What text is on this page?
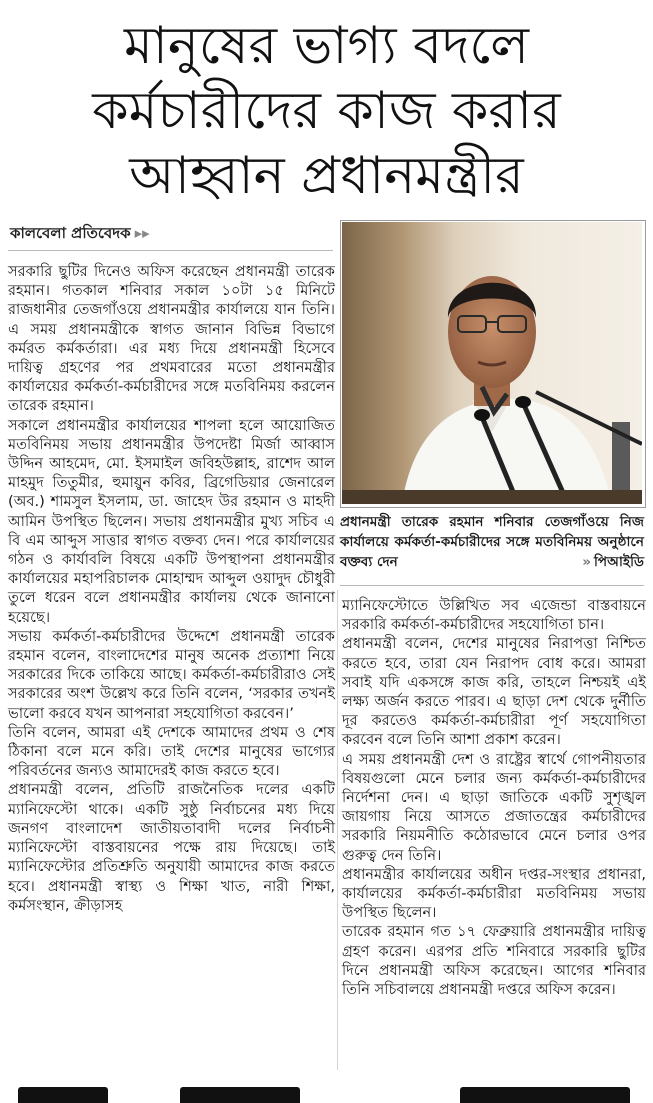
মানুষের ভাগ্য বদলে
কর্মচারীদের কাজ করার
আহ্বান প্রধানমন্ত্রীর
কালবেলা প্রতিবেদক ▸▸

সরকারি ছুটির দিনেও অফিস করেছেন প্রধানমন্ত্রী তারেক রহমান। গতকাল শনিবার সকাল ১০টা ১৫ মিনিটে রাজধানীর তেজগাঁওয়ে প্রধানমন্ত্রীর কার্যালয়ে যান তিনি। এ সময় প্রধানমন্ত্রীকে স্বাগত জানান বিভিন্ন বিভাগে কর্মরত কর্মকর্তারা। এর মধ্য দিয়ে প্রধানমন্ত্রী হিসেবে দায়িত্ব গ্রহণের পর প্রথমবারের মতো প্রধানমন্ত্রীর কার্যালয়ের কর্মকর্তা-কর্মচারীদের সঙ্গে মতবিনিময় করলেন তারেক রহমান।

সকালে প্রধানমন্ত্রীর কার্যালয়ের শাপলা হলে আয়োজিত মতবিনিময় সভায় প্রধানমন্ত্রীর উপদেষ্টা মির্জা আব্বাস উদ্দিন আহমেদ, মো. ইসমাইল জবিহউল্লাহ, রাশেদ আল মাহমুদ তিতুমীর, হুমায়ুন কবির, ব্রিগেডিয়ার জেনারেল (অব.) শামসুল ইসলাম, ডা. জাহেদ উর রহমান ও মাহদী আমিন উপস্থিত ছিলেন। সভায় প্রধানমন্ত্রীর মুখ্য সচিব এ বি এম আব্দুস সাত্তার স্বাগত বক্তব্য দেন। পরে কার্যালয়ের গঠন ও কার্যাবলি বিষয়ে একটি উপস্থাপনা প্রধানমন্ত্রীর কার্যালয়ের মহাপরিচালক মোহাম্মদ আব্দুল ওয়াদুদ চৌধুরী তুলে ধরেন বলে প্রধানমন্ত্রীর কার্যালয় থেকে জানানো হয়েছে।

সভায় কর্মকর্তা-কর্মচারীদের উদ্দেশে প্রধানমন্ত্রী তারেক রহমান বলেন, বাংলাদেশের মানুষ অনেক প্রত্যাশা নিয়ে সরকারের দিকে তাকিয়ে আছে। কর্মকর্তা-কর্মচারীরাও সেই সরকারের অংশ উল্লেখ করে তিনি বলেন, ‘সরকার তখনই ভালো করবে যখন আপনারা সহযোগিতা করবেন।’

তিনি বলেন, আমরা এই দেশকে আমাদের প্রথম ও শেষ ঠিকানা বলে মনে করি। তাই দেশের মানুষের ভাগ্যের পরিবর্তনের জন্যও আমাদেরই কাজ করতে হবে।

প্রধানমন্ত্রী বলেন, প্রতিটি রাজনৈতিক দলের একটি ম্যানিফেস্টো থাকে। একটি সুষ্ঠু নির্বাচনের মধ্য দিয়ে জনগণ বাংলাদেশ জাতীয়তাবাদী দলের নির্বাচনী ম্যানিফেস্টো বাস্তবায়নের পক্ষে রায় দিয়েছে। তাই ম্যানিফেস্টোর প্রতিশ্রুতি অনুযায়ী আমাদের কাজ করতে হবে। প্রধানমন্ত্রী স্বাস্থ্য ও শিক্ষা খাত, নারী শিক্ষা, কর্মসংস্থান, ক্রীড়াসহ

প্রধানমন্ত্রী তারেক রহমান শনিবার তেজগাঁওয়ে নিজ কার্যালয়ে কর্মকর্তা-কর্মচারীদের সঙ্গে মতবিনিময় অনুষ্ঠানে বক্তব্য দেন	» পিআইডি

ম্যানিফেস্টোতে উল্লিখিত সব এজেন্ডা বাস্তবায়নে সরকারি কর্মকর্তা-কর্মচারীদের সহযোগিতা চান।

প্রধানমন্ত্রী বলেন, দেশের মানুষের নিরাপত্তা নিশ্চিত করতে হবে, তারা যেন নিরাপদ বোধ করে। আমরা সবাই যদি একসঙ্গে কাজ করি, তাহলে নিশ্চয়ই এই লক্ষ্য অর্জন করতে পারব। এ ছাড়া দেশ থেকে দুর্নীতি দূর করতেও কর্মকর্তা-কর্মচারীরা পূর্ণ সহযোগিতা করবেন বলে তিনি আশা প্রকাশ করেন।

এ সময় প্রধানমন্ত্রী দেশ ও রাষ্ট্রের স্বার্থে গোপনীয়তার বিষয়গুলো মেনে চলার জন্য কর্মকর্তা-কর্মচারীদের নির্দেশনা দেন। এ ছাড়া জাতিকে একটি সুশৃঙ্খল জায়গায় নিয়ে আসতে প্রজাতন্ত্রের কর্মচারীদের সরকারি নিয়মনীতি কঠোরভাবে মেনে চলার ওপর গুরুত্ব দেন তিনি।

প্রধানমন্ত্রীর কার্যালয়ের অধীন দপ্তর-সংস্থার প্রধানরা, কার্যালয়ের কর্মকর্তা-কর্মচারীরা মতবিনিময় সভায় উপস্থিত ছিলেন।

তারেক রহমান গত ১৭ ফেব্রুয়ারি প্রধানমন্ত্রীর দায়িত্ব গ্রহণ করেন। এরপর প্রতি শনিবারে সরকারি ছুটির দিনে প্রধানমন্ত্রী অফিস করেছেন। আগের শনিবার তিনি সচিবালয়ে প্রধানমন্ত্রী দপ্তরে অফিস করেন।
